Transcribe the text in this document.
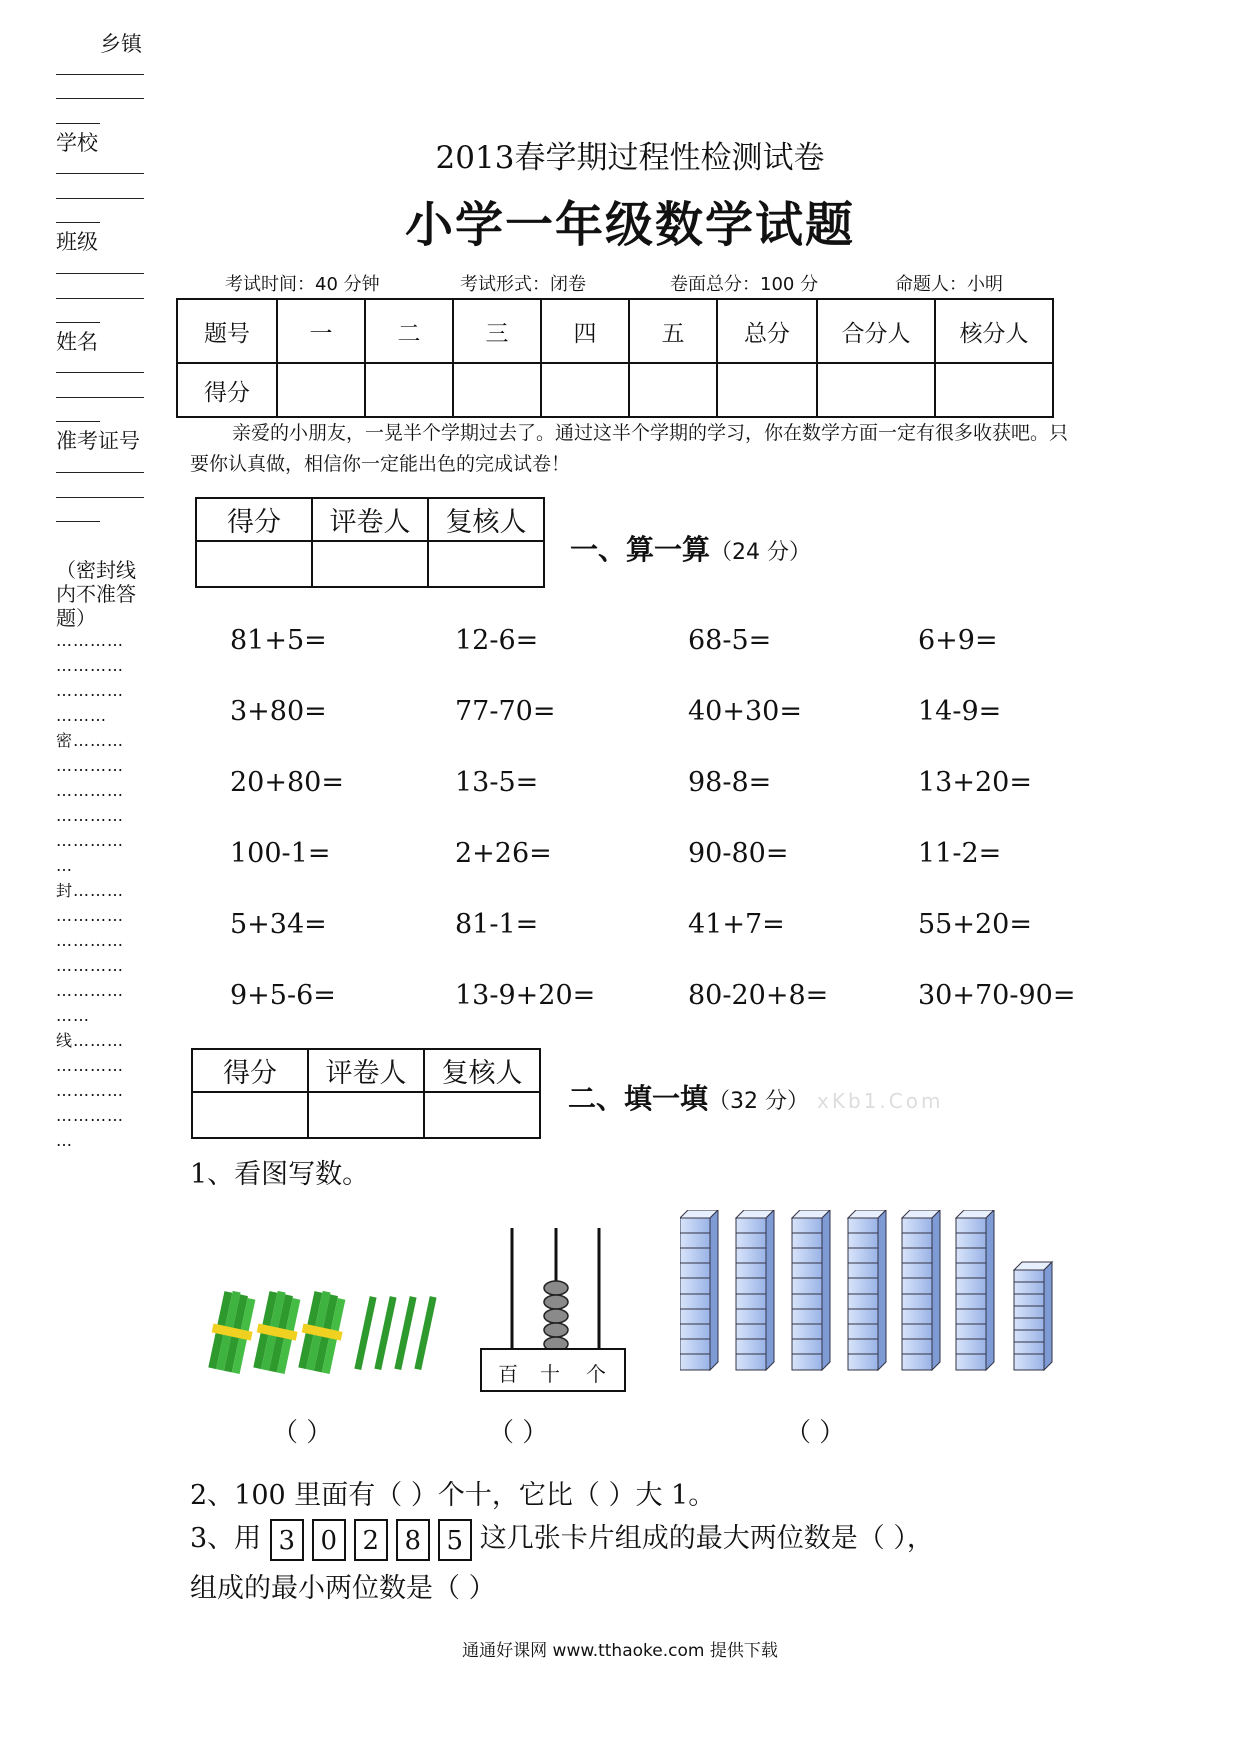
乡镇
学校
班级
姓名
准考证号
（密封线内不准答题）
…………
…………
…………
………
密………
…………
…………
…………
…………
…
封………
…………
…………
…………
…………
……
线………
…………
…………
…………
…
2013春学期过程性检测试卷
小学一年级数学试题
考试时间：40 分钟	考试形式：闭卷	卷面总分：100 分	命题人：小明
题号	一	二	三	四	五	总分	合分人	核分人
得分								
亲爱的小朋友，一晃半个学期过去了。通过这半个学期的学习，你在数学方面一定有很多收获吧。只要你认真做，相信你一定能出色的完成试卷！
得分	评卷人	复核人

一、算一算（24 分）
81+5=	12-6=	68-5=	6+9=
3+80=	77-70=	40+30=	14-9=
20+80=	13-5=	98-8=	13+20=
100-1=	2+26=	90-80=	11-2=
5+34=	81-1=	41+7=	55+20=
9+5-6=	13-9+20=	80-20+8=	30+70-90=
得分	评卷人	复核人

二、填一填（32 分） xKb1.Com
1、看图写数。
百 十 个
（ ）	（ ）	（ ）
2、100 里面有（ ）个十，它比（ ）大 1。
3、用 3 0 2 8 5 这几张卡片组成的最大两位数是（ ），
组成的最小两位数是（ ）
通通好课网 www.tthaoke.com 提供下载
